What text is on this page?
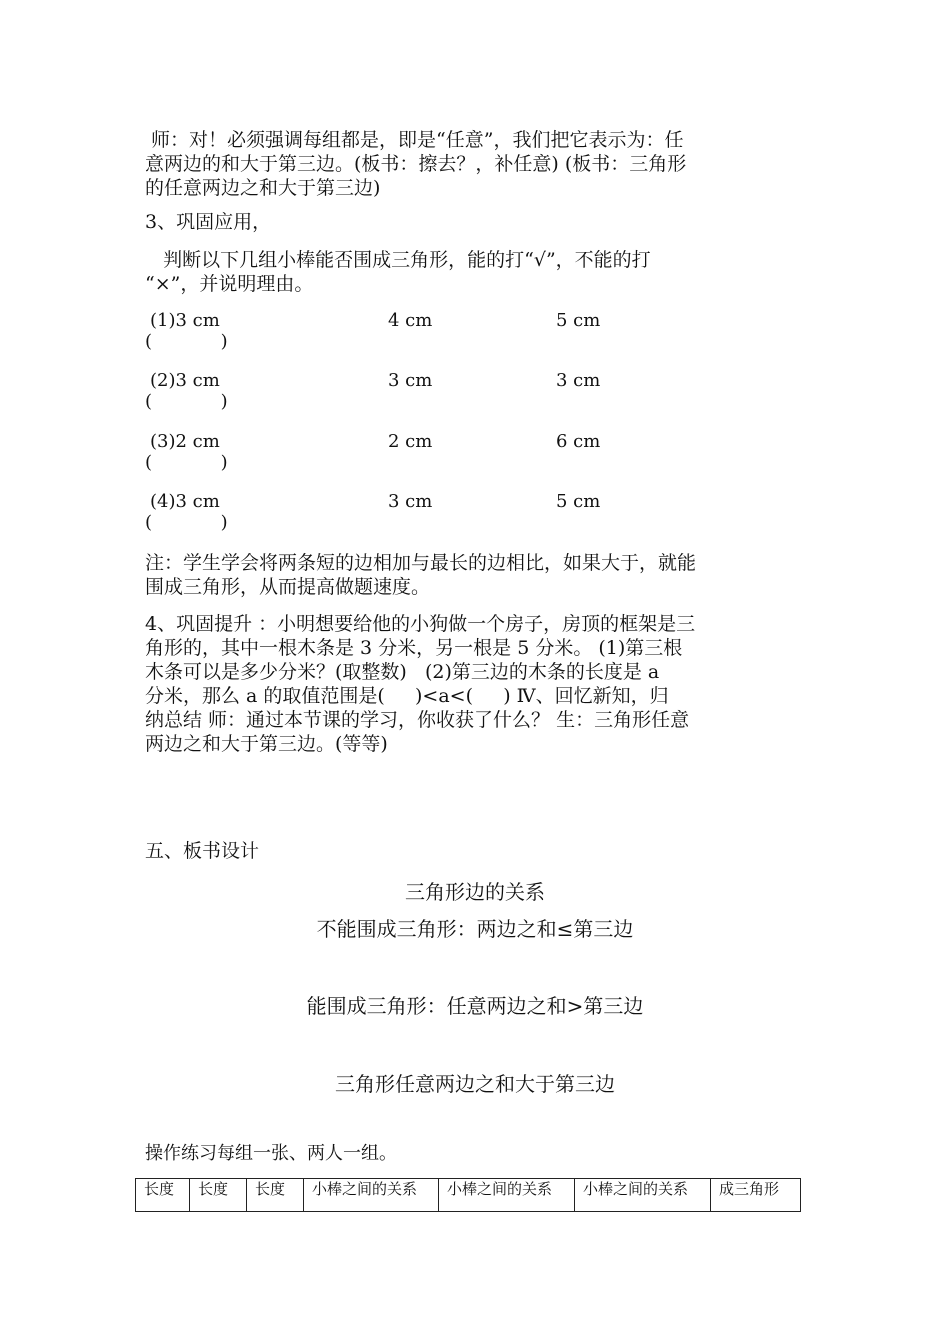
师：对！必须强调每组都是，即是“任意”，我们把它表示为：任
意两边的和大于第三边。(板书：擦去？，补任意) (板书：三角形
的任意两边之和大于第三边)
3、巩固应用，
判断以下几组小棒能否围成三角形，能的打“√”，不能的打
“×”，并说明理由。
(1)3 cm	4 cm	5 cm
(            )
(2)3 cm	3 cm	3 cm
(            )
(3)2 cm	2 cm	6 cm
(            )
(4)3 cm	3 cm	5 cm
(            )
注：学生学会将两条短的边相加与最长的边相比，如果大于，就能
围成三角形，从而提高做题速度。
4、巩固提升 ：小明想要给他的小狗做一个房子，房顶的框架是三
角形的，其中一根木条是 3 分米，另一根是 5 分米。 (1)第三根
木条可以是多少分米？(取整数)   (2)第三边的木条的长度是 a
分米，那么 a 的取值范围是(     )<a<(     ) Ⅳ、回忆新知，归
纳总结 师：通过本节课的学习，你收获了什么？ 生：三角形任意
两边之和大于第三边。(等等)
五、板书设计
三角形边的关系
不能围成三角形：两边之和≤第三边
能围成三角形：任意两边之和>第三边
三角形任意两边之和大于第三边
操作练习每组一张、两人一组。
长度	长度	长度	小棒之间的关系	小棒之间的关系	小棒之间的关系	成三角形
